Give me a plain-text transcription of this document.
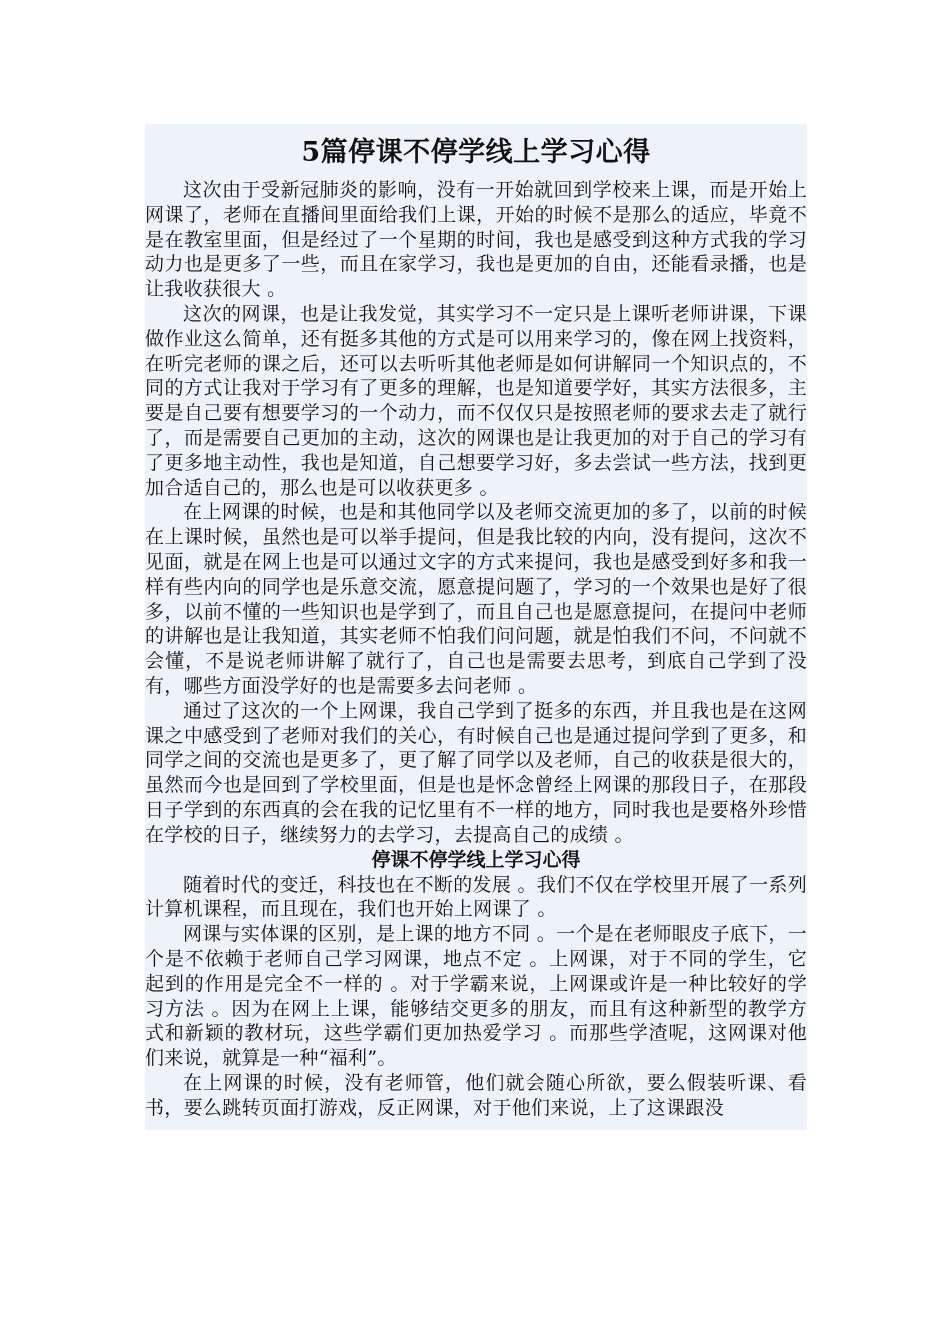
5篇停课不停学线上学习心得

这次由于受新冠肺炎的影响，没有一开始就回到学校来上课，而是开始上网课了，老师在直播间里面给我们上课，开始的时候不是那么的适应，毕竟不是在教室里面，但是经过了一个星期的时间，我也是感受到这种方式我的学习动力也是更多了一些，而且在家学习，我也是更加的自由，还能看录播，也是让我收获很大 。

这次的网课，也是让我发觉，其实学习不一定只是上课听老师讲课，下课做作业这么简单，还有挺多其他的方式是可以用来学习的，像在网上找资料，在听完老师的课之后，还可以去听听其他老师是如何讲解同一个知识点的，不同的方式让我对于学习有了更多的理解，也是知道要学好，其实方法很多，主要是自己要有想要学习的一个动力，而不仅仅只是按照老师的要求去走了就行了，而是需要自己更加的主动，这次的网课也是让我更加的对于自己的学习有了更多地主动性，我也是知道，自己想要学习好，多去尝试一些方法，找到更加合适自己的，那么也是可以收获更多 。

在上网课的时候，也是和其他同学以及老师交流更加的多了，以前的时候在上课时候，虽然也是可以举手提问，但是我比较的内向，没有提问，这次不见面，就是在网上也是可以通过文字的方式来提问，我也是感受到好多和我一样有些内向的同学也是乐意交流，愿意提问题了，学习的一个效果也是好了很多，以前不懂的一些知识也是学到了，而且自己也是愿意提问，在提问中老师的讲解也是让我知道，其实老师不怕我们问问题，就是怕我们不问，不问就不会懂，不是说老师讲解了就行了，自己也是需要去思考，到底自己学到了没有，哪些方面没学好的也是需要多去问老师 。

通过了这次的一个上网课，我自己学到了挺多的东西，并且我也是在这网课之中感受到了老师对我们的关心，有时候自己也是通过提问学到了更多，和同学之间的交流也是更多了，更了解了同学以及老师，自己的收获是很大的，虽然而今也是回到了学校里面，但是也是怀念曾经上网课的那段日子，在那段日子学到的东西真的会在我的记忆里有不一样的地方，同时我也是要格外珍惜在学校的日子，继续努力的去学习，去提高自己的成绩 。

停课不停学线上学习心得

随着时代的变迁，科技也在不断的发展 。我们不仅在学校里开展了一系列计算机课程，而且现在，我们也开始上网课了 。

网课与实体课的区别，是上课的地方不同 。一个是在老师眼皮子底下，一个是不依赖于老师自己学习网课，地点不定 。上网课，对于不同的学生，它起到的作用是完全不一样的 。对于学霸来说，上网课或许是一种比较好的学习方法 。因为在网上上课，能够结交更多的朋友，而且有这种新型的教学方式和新颖的教材玩，这些学霸们更加热爱学习 。而那些学渣呢，这网课对他们来说，就算是一种“福利”。

在上网课的时候，没有老师管，他们就会随心所欲，要么假装听课、看书，要么跳转页面打游戏，反正网课，对于他们来说，上了这课跟没
